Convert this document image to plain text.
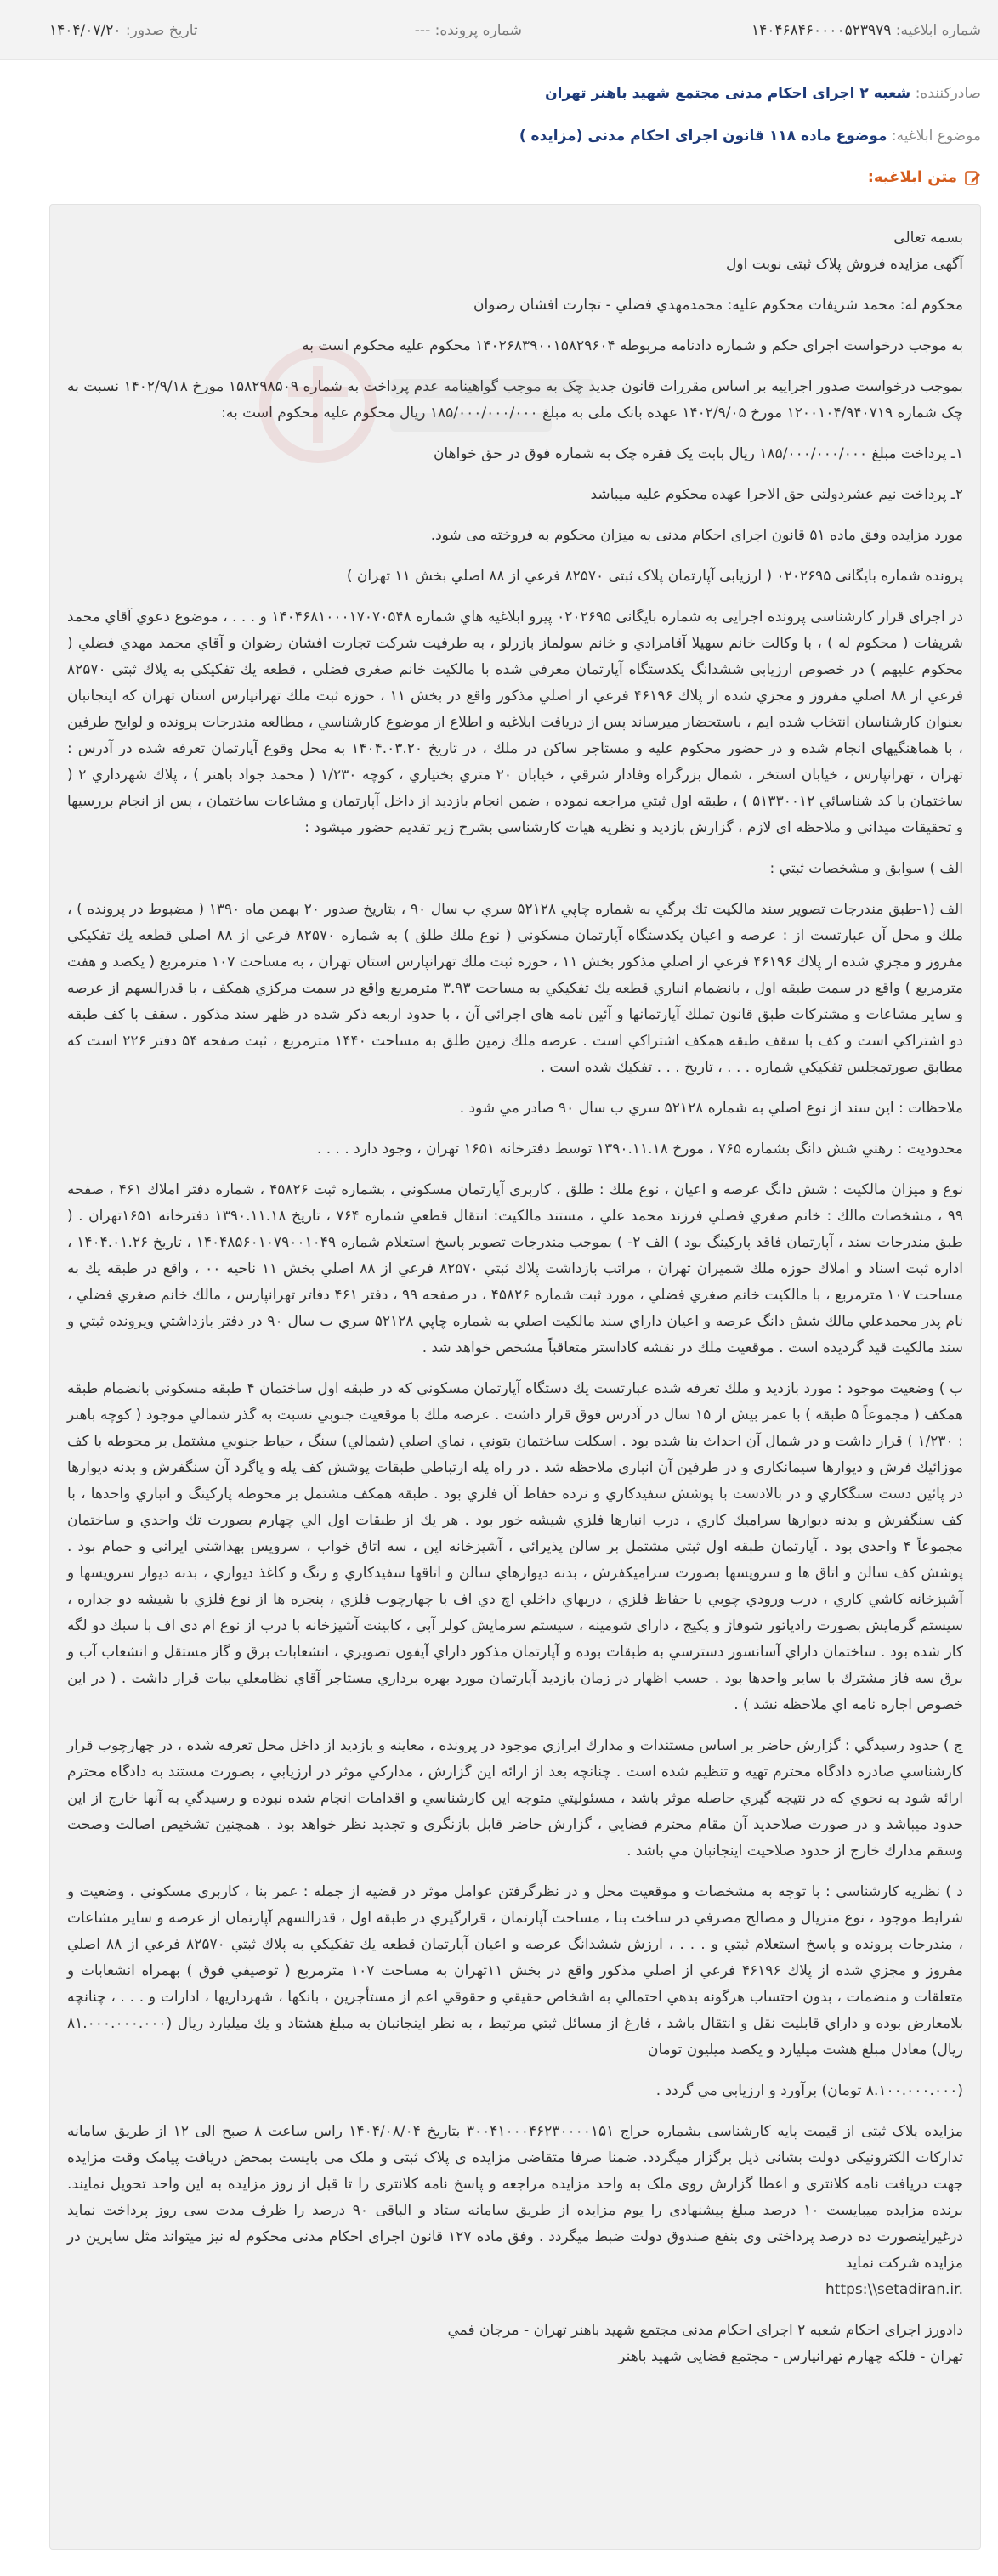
شماره ابلاغیه: ۱۴۰۴۶۸۴۶۰۰۰۰۵۲۳۹۷۹
شماره پرونده: ---
تاریخ صدور: ۱۴۰۴/۰۷/۲۰
صادرکننده: شعبه ۲ اجرای احکام مدنی مجتمع شهید باهنر تهران
موضوع ابلاغیه: موضوع ماده ۱۱۸ قانون اجرای احکام مدنی (مزایده )
متن ابلاغیه:

بسمه تعالی

آگهی مزایده فروش پلاک ثبتی نوبت اول

محکوم له: محمد شریفات محکوم علیه: محمدمهدي فضلي - تجارت افشان رضوان

به موجب درخواست اجرای حکم و شماره دادنامه مربوطه ۱۴۰۲۶۸۳۹۰۰۱۵۸۲۹۶۰۴ محکوم علیه محکوم است به

بموجب درخواست صدور اجراییه بر اساس مقررات قانون جدید چک به موجب گواهینامه عدم پرداخت به شماره ۱۵۸۲۹۸۵۰۹ مورخ ۱۴۰۲/۹/۱۸ نسبت به چک شماره ۱۲۰۰۱۰۴/۹۴۰۷۱۹ مورخ ۱۴۰۲/۹/۰۵ عهده بانک ملی به مبلغ ۱۸۵/۰۰۰/۰۰۰/۰۰۰ ریال محکوم علیه محکوم است به:

۱ـ پرداخت مبلغ ۱۸۵/۰۰۰/۰۰۰/۰۰۰ ریال بابت یک فقره چک به شماره فوق در حق خواهان

۲ـ پرداخت نیم عشردولتی حق الاجرا عهده محکوم علیه میباشد

مورد مزایده وفق ماده ۵۱ قانون اجرای احکام مدنی به میزان محکوم به فروخته می شود.

پرونده شماره بایگانی ۰۲۰۲۶۹۵ ( ارزیابی آپارتمان پلاک ثبتی ۸۲۵۷۰ فرعي از ۸۸ اصلي بخش ۱۱ تهران )

در اجرای قرار کارشناسی پرونده اجرایی به شماره بایگانی ۰۲۰۲۶۹۵ پیرو ابلاغیه هاي شماره ۱۴۰۴۶۸۱۰۰۰۱۷۰۷۰۵۴۸ و . . . ، موضوع دعوي آقاي محمد شريفات ( محكوم له ) ، با وكالت خانم سهيلا آقامرادي و خانم سولماز بازرلو ، به طرفيت شركت تجارت افشان رضوان و آقاي محمد مهدي فضلي ( محكوم عليهم ) در خصوص ارزيابي ششدانگ يكدستگاه آپارتمان معرفي شده با مالكيت خانم صغري فضلي ، قطعه يك تفكيكي به پلاك ثبتي ۸۲۵۷۰ فرعي از ۸۸ اصلي مفروز و مجزي شده از پلاك ۴۶۱۹۶ فرعي از اصلي مذكور واقع در بخش ۱۱ ، حوزه ثبت ملك تهرانپارس استان تهران كه اينجانبان بعنوان كارشناسان انتخاب شده ايم ، باستحضار ميرساند پس از دريافت ابلاغيه و اطلاع از موضوع كارشناسي ، مطالعه مندرجات پرونده و لوايح طرفين ، با هماهنگيهاي انجام شده و در حضور محكوم عليه و مستاجر ساكن در ملك ، در تاريخ ۱۴۰۴.۰۳.۲۰ به محل وقوع آپارتمان تعرفه شده در آدرس : تهران ، تهرانپارس ، خيابان استخر ، شمال بزرگراه وفادار شرقي ، خيابان ۲۰ متري بختياري ، كوچه ۱/۲۳۰ ( محمد جواد باهنر ) ، پلاك شهرداري ۲ ( ساختمان با كد شناسائي ۵۱۳۳۰۰۱۲ ) ، طبقه اول ثبتي مراجعه نموده ، ضمن انجام بازديد از داخل آپارتمان و مشاعات ساختمان ، پس از انجام بررسيها و تحقيقات ميداني و ملاحظه اي لازم ، گزارش بازديد و نظريه هيات كارشناسي بشرح زير تقديم حضور ميشود :

الف ) سوابق و مشخصات ثبتي :

الف (۱-طبق مندرجات تصوير سند مالكيت تك برگي به شماره چاپي ۵۲۱۲۸ سري ب سال ۹۰ ، بتاريخ صدور ۲۰ بهمن ماه ۱۳۹۰ ( مضبوط در پرونده ) ، ملك و محل آن عبارتست از : عرصه و اعيان يكدستگاه آپارتمان مسكوني ( نوع ملك طلق ) به شماره ۸۲۵۷۰ فرعي از ۸۸ اصلي قطعه يك تفكيكي مفروز و مجزي شده از پلاك ۴۶۱۹۶ فرعي از اصلي مذكور بخش ۱۱ ، حوزه ثبت ملك تهرانپارس استان تهران ، به مساحت ۱۰۷ مترمربع ( يكصد و هفت مترمربع ) واقع در سمت طبقه اول ، بانضمام انباري قطعه يك تفكيكي به مساحت ۳.۹۳ مترمربع واقع در سمت مركزي همكف ، با قدرالسهم از عرصه و ساير مشاعات و مشتركات طبق قانون تملك آپارتمانها و آئين نامه هاي اجرائي آن ، با حدود اربعه ذكر شده در ظهر سند مذكور . سقف با كف طبقه دو اشتراكي است و كف با سقف طبقه همكف اشتراكي است . عرصه ملك زمين طلق به مساحت ۱۴۴۰ مترمربع ، ثبت صفحه ۵۴ دفتر ۲۲۶ است كه مطابق صورتمجلس تفكيكي شماره . . . ، تاريخ . . . تفكيك شده است .

ملاحظات : اين سند از نوع اصلي به شماره ۵۲۱۲۸ سري ب سال ۹۰ صادر مي شود .

محدوديت : رهني شش دانگ بشماره ۷۶۵ ، مورخ ۱۳۹۰.۱۱.۱۸ توسط دفترخانه ۱۶۵۱ تهران ، وجود دارد . . . .

نوع و ميزان مالكيت : شش دانگ عرصه و اعيان ، نوع ملك : طلق ، كاربري آپارتمان مسكوني ، بشماره ثبت ۴۵۸۲۶ ، شماره دفتر املاك ۴۶۱ ، صفحه ۹۹ ، مشخصات مالك : خانم صغري فضلي فرزند محمد علي ، مستند مالكيت: انتقال قطعي شماره ۷۶۴ ، تاريخ ۱۳۹۰.۱۱.۱۸ دفترخانه ۱۶۵۱تهران . ( طبق مندرجات سند ، آپارتمان فاقد پاركينگ بود ) الف ۲- ) بموجب مندرجات تصوير پاسخ استعلام شماره ۱۴۰۴۸۵۶۰۱۰۷۹۰۰۱۰۴۹ ، تاريخ ۱۴۰۴.۰۱.۲۶ ، اداره ثبت اسناد و املاك حوزه ملك شميران تهران ، مراتب بازداشت پلاك ثبتي ۸۲۵۷۰ فرعي از ۸۸ اصلي بخش ۱۱ ناحيه ۰۰ ، واقع در طبقه يك به مساحت ۱۰۷ مترمربع ، با مالكيت خانم صغري فضلي ، مورد ثبت شماره ۴۵۸۲۶ ، در صفحه ۹۹ ، دفتر ۴۶۱ دفاتر تهرانپارس ، مالك خانم صغري فضلي ، نام پدر محمدعلي مالك شش دانگ عرصه و اعيان داراي سند مالكيت اصلي به شماره چاپي ۵۲۱۲۸ سري ب سال ۹۰ در دفتر بازداشتي ويرونده ثبتي و سند مالكيت قيد گرديده است . موقعيت ملك در نقشه كاداستر متعاقباً مشخص خواهد شد .

ب ) وضعيت موجود : مورد بازديد و ملك تعرفه شده عبارتست يك دستگاه آپارتمان مسكوني كه در طبقه اول ساختمان ۴ طبقه مسكوني بانضمام طبقه همكف ( مجموعاً ۵ طبقه ) با عمر بيش از ۱۵ سال در آدرس فوق قرار داشت . عرصه ملك با موقعيت جنوبي نسبت به گذر شمالي موجود ( كوچه باهنر : ۱/۲۳۰ ) قرار داشت و در شمال آن احداث بنا شده بود . اسكلت ساختمان بتوني ، نماي اصلي (شمالي) سنگ ، حياط جنوبي مشتمل بر محوطه با كف موزائيك فرش و ديوارها سيمانكاري و در طرفين آن انباري ملاحظه شد . در راه پله ارتباطي طبقات پوشش كف پله و پاگرد آن سنگفرش و بدنه ديوارها در پائين دست سنگكاري و در بالادست با پوشش سفيدكاري و نرده حفاظ آن فلزي بود . طبقه همكف مشتمل بر محوطه پاركينگ و انباري واحدها ، با كف سنگفرش و بدنه ديوارها سراميك كاري ، درب انبارها فلزي شيشه خور بود . هر يك از طبقات اول الي چهارم بصورت تك واحدي و ساختمان مجموعاً ۴ واحدي بود . آپارتمان طبقه اول ثبتي مشتمل بر سالن پذيرائي ، آشپزخانه اپن ، سه اتاق خواب ، سرويس بهداشتي ايراني و حمام بود . پوشش كف سالن و اتاق ها و سرويسها بصورت سراميكفرش ، بدنه ديوارهاي سالن و اتاقها سفيدكاري و رنگ و كاغذ ديواري ، بدنه ديوار سرويسها و آشپزخانه كاشي كاري ، درب ورودي چوبي با حفاظ فلزي ، دربهاي داخلي اچ دي اف با چهارچوب فلزي ، پنجره ها از نوع فلزي با شيشه دو جداره ، سيستم گرمايش بصورت رادياتور شوفاژ و پكيج ، داراي شومينه ، سيستم سرمايش كولر آبي ، كابينت آشپزخانه با درب از نوع ام دي اف با سبك دو لگه كار شده بود . ساختمان داراي آسانسور دسترسي به طبقات بوده و آپارتمان مذكور داراي آيفون تصويري ، انشعابات برق و گاز مستقل و انشعاب آب و برق سه فاز مشترك با ساير واحدها بود . حسب اظهار در زمان بازديد آپارتمان مورد بهره برداري مستاجر آقاي نظامعلي بيات قرار داشت . ( در اين خصوص اجاره نامه اي ملاحظه نشد ) .

ج ) حدود رسيدگي : گزارش حاضر بر اساس مستندات و مدارك ابرازي موجود در پرونده ، معاينه و بازديد از داخل محل تعرفه شده ، در چهارچوب قرار كارشناسي صادره دادگاه محترم تهيه و تنظيم شده است . چنانچه بعد از ارائه اين گزارش ، مداركي موثر در ارزيابي ، بصورت مستند به دادگاه محترم ارائه شود به نحوي كه در نتيجه گيري حاصله موثر باشد ، مسئوليتي متوجه اين كارشناسي و اقدامات انجام شده نبوده و رسيدگي به آنها خارج از اين حدود ميباشد و در صورت صلاحديد آن مقام محترم قضايي ، گزارش حاضر قابل بازنگري و تجديد نظر خواهد بود . همچنين تشخيص اصالت وصحت وسقم مدارك خارج از حدود صلاحيت اينجانبان مي باشد .

د ) نظريه كارشناسي : با توجه به مشخصات و موقعيت محل و در نظرگرفتن عوامل موثر در قضيه از جمله : عمر بنا ، كاربري مسكوني ، وضعيت و شرايط موجود ، نوع متريال و مصالح مصرفي در ساخت بنا ، مساحت آپارتمان ، قرارگيري در طبقه اول ، قدرالسهم آپارتمان از عرصه و ساير مشاعات ، مندرجات پرونده و پاسخ استعلام ثبتي و . . . ، ارزش ششدانگ عرصه و اعيان آپارتمان قطعه يك تفكيكي به پلاك ثبتي ۸۲۵۷۰ فرعي از ۸۸ اصلي مفروز و مجزي شده از پلاك ۴۶۱۹۶ فرعي از اصلي مذكور واقع در بخش ۱۱تهران به مساحت ۱۰۷ مترمربع ( توصيفي فوق ) بهمراه انشعابات و متعلقات و منضمات ، بدون احتساب هرگونه بدهي احتمالي به اشخاص حقيقي و حقوقي اعم از مستأجرين ، بانكها ، شهرداريها ، ادارات و . . . ، چنانچه بلامعارض بوده و داراي قابليت نقل و انتقال باشد ، فارغ از مسائل ثبتي مرتبط ، به نظر اينجانبان به مبلغ هشتاد و يك ميليارد ريال (۸۱.۰۰۰.۰۰۰.۰۰۰ ريال) معادل مبلغ هشت ميليارد و يكصد ميليون تومان

(۸.۱۰۰.۰۰۰.۰۰۰ تومان) برآورد و ارزيابي مي گردد .

مزایده پلاک ثبتی از قیمت پایه کارشناسی بشماره حراج ۳۰۰۴۱۰۰۰۴۶۲۳۰۰۰۰۱۵۱ بتاریخ ۱۴۰۴/۰۸/۰۴ راس ساعت ۸ صبح الی ۱۲ از طریق سامانه تدارکات الکترونیکی دولت بشانی ذیل برگزار میگردد. ضمنا صرفا متقاضی مزایده ی پلاک ثبتی و ملک می بایست بمحض دریافت پیامک وقت مزایده جهت دریافت نامه کلانتری و اعطا گزارش روی ملک به واحد مزایده مراجعه و پاسخ نامه کلانتری را تا قبل از روز مزایده به این واحد تحویل نمایند. برنده مزایده میبایست ۱۰ درصد مبلغ پیشنهادی را یوم مزایده از طریق سامانه ستاد و الباقی ۹۰ درصد را ظرف مدت سی روز پرداخت نماید درغیراینصورت ده درصد پرداختی وی بنفع صندوق دولت ضبط میگردد . وفق ماده ۱۲۷ قانون اجرای احکام مدنی محکوم له نیز میتواند مثل سایرین در مزایده شرکت نماید

https:\\setadiran.ir.

دادورز اجرای احکام شعبه ۲ اجرای احکام مدنی مجتمع شهید باهنر تهران - مرجان فمي

تهران - فلکه چهارم تهرانپارس - مجتمع قضایی شهید باهنر
